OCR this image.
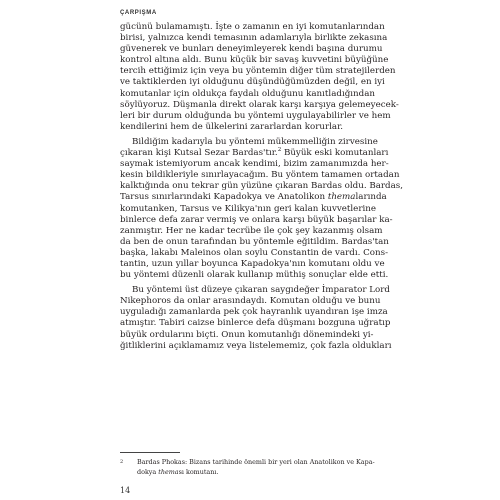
ÇARPIŞMA
gücünü bulamamıştı. İşte o zamanın en iyi komutanlarından
birisi, yalnızca kendi temasının adamlarıyla birlikte zekasına
güvenerek ve bunları deneyimleyerek kendi başına durumu
kontrol altına aldı. Bunu küçük bir savaş kuvvetini büyüğüne
tercih ettiğimiz için veya bu yöntemin diğer tüm stratejilerden
ve taktiklerden iyi olduğunu düşündüğümüzden değil, en iyi
komutanlar için oldukça faydalı olduğunu kanıtladığından
söylüyoruz. Düşmanla direkt olarak karşı karşıya gelemeyecek-
leri bir durum olduğunda bu yöntemi uygulayabilirler ve hem
kendilerini hem de ülkelerini zararlardan korurlar.
Bildiğim kadarıyla bu yöntemi mükemmelliğin zirvesine
çıkaran kişi Kutsal Sezar Bardas'tır.$^2$ Büyük eski komutanları
saymak istemiyorum ancak kendimi, bizim zamanımızda her-
kesin bildikleriyle sınırlayacağım. Bu yöntem tamamen ortadan
kalktığında onu tekrar gün yüzüne çıkaran Bardas oldu. Bardas,
Tarsus sınırlarındaki Kapadokya ve Anatolikon themalarında
komutanken, Tarsus ve Kilikya'nın geri kalan kuvvetlerine
binlerce defa zarar vermiş ve onlara karşı büyük başarılar ka-
zanmıştır. Her ne kadar tecrübe ile çok şey kazanmış olsam
da ben de onun tarafından bu yöntemle eğitildim. Bardas'tan
başka, lakabı Maleinos olan soylu Constantin de vardı. Cons-
tantin, uzun yıllar boyunca Kapadokya'nın komutanı oldu ve
bu yöntemi düzenli olarak kullanıp müthiş sonuçlar elde etti.
Bu yöntemi üst düzeye çıkaran saygıdeğer İmparator Lord
Nikephoros da onlar arasındaydı. Komutan olduğu ve bunu
uyguladığı zamanlarda pek çok hayranlık uyandıran işe imza
atmıştır. Tabiri caizse binlerce defa düşmanı bozguna uğratıp
büyük ordularını biçti. Onun komutanlığı dönemindeki yi-
ğitliklerini açıklamamız veya listelememiz, çok fazla oldukları
2 Bardas Phokas: Bizans tarihinde önemli bir yeri olan Anatolikon ve Kapa-
dokya theması komutanı.
14
